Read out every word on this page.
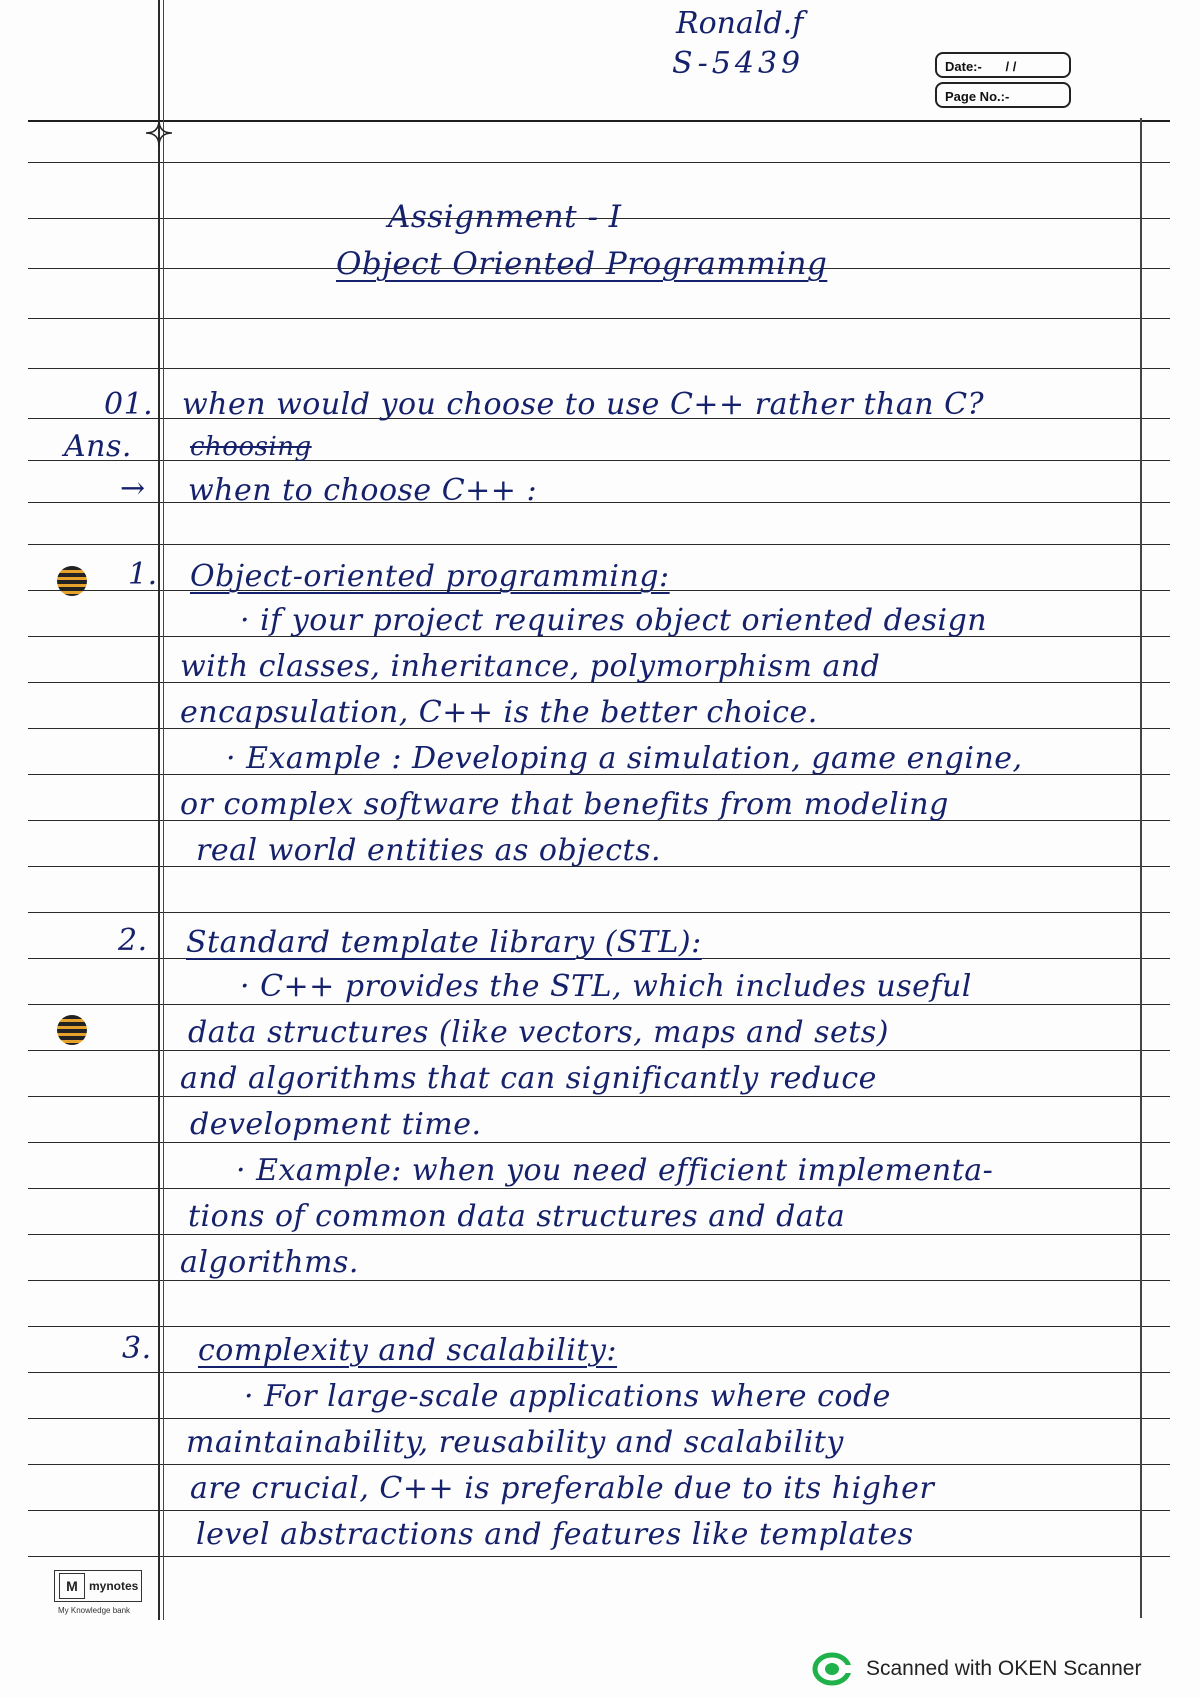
Ronald.f
S-5439	Date:- / /
Page No.:-
Assignment - I
Object Oriented Programming
01. when would you choose to use C++ rather than C?
Ans. choosing
→ when to choose C++ :
1. Object-oriented programming:
· if your project requires object oriented design
with classes, inheritance, polymorphism and
encapsulation, C++ is the better choice.
· Example : Developing a simulation, game engine,
or complex software that benefits from modeling
real world entities as objects.
2. Standard template library (STL):
· C++ provides the STL, which includes useful
data structures (like vectors, maps and sets)
and algorithms that can significantly reduce
development time.
· Example: when you need efficient implementa-
tions of common data structures and data
algorithms.
3. complexity and scalability:
· For large-scale applications where code
maintainability, reusability and scalability
are crucial, C++ is preferable due to its higher
level abstractions and features like templates
M mynotes
My Knowledge bank
Scanned with OKEN Scanner
